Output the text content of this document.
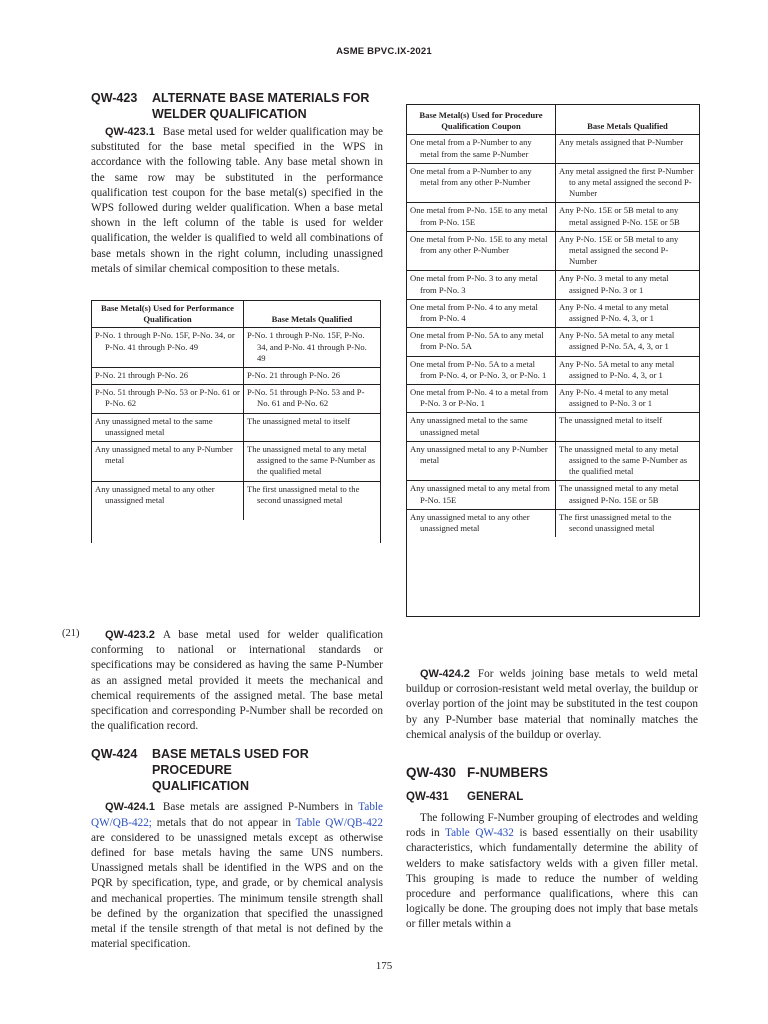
ASME BPVC.IX-2021
QW-423	ALTERNATE BASE MATERIALS FOR
WELDER QUALIFICATION

QW-423.1 Base metal used for welder qualification may be substituted for the base metal specified in the WPS in accordance with the following table. Any base metal shown in the same row may be substituted in the performance qualification test coupon for the base metal(s) specified in the WPS followed during welder qualification. When a base metal shown in the left column of the table is used for welder qualification, the welder is qualified to weld all combinations of base metals shown in the right column, including unassigned metals of similar chemical composition to these metals.

Base Metal(s) Used for Performance Qualification	Base Metals Qualified

P-No. 1 through P-No. 15F, P-No. 34, or P-No. 41 through P-No. 49	P-No. 1 through P-No. 15F, P-No. 34, and P-No. 41 through P-No. 49

P-No. 21 through P-No. 26	P-No. 21 through P-No. 26

P-No. 51 through P-No. 53 or P-No. 61 or P-No. 62	P-No. 51 through P-No. 53 and P-No. 61 and P-No. 62

Any unassigned metal to the same unassigned metal	The unassigned metal to itself

Any unassigned metal to any P-Number metal	The unassigned metal to any metal assigned to the same P-Number as the qualified metal

Any unassigned metal to any other unassigned metal	The first unassigned metal to the second unassigned metal
Base Metal(s) Used for Procedure Qualification Coupon	Base Metals Qualified

One metal from a P-Number to any metal from the same P-Number	Any metals assigned that P-Number

One metal from a P-Number to any metal from any other P-Number	Any metal assigned the first P-Number to any metal assigned the second P-Number

One metal from P-No. 15E to any metal from P-No. 15E	Any P-No. 15E or 5B metal to any metal assigned P-No. 15E or 5B

One metal from P-No. 15E to any metal from any other P-Number	Any P-No. 15E or 5B metal to any metal assigned the second P-Number

One metal from P-No. 3 to any metal from P-No. 3	Any P-No. 3 metal to any metal assigned P-No. 3 or 1

One metal from P-No. 4 to any metal from P-No. 4	Any P-No. 4 metal to any metal assigned P-No. 4, 3, or 1

One metal from P-No. 5A to any metal from P-No. 5A	Any P-No. 5A metal to any metal assigned P-No. 5A, 4, 3, or 1

One metal from P-No. 5A to a metal from P-No. 4, or P-No. 3, or P-No. 1	Any P-No. 5A metal to any metal assigned to P-No. 4, 3, or 1

One metal from P-No. 4 to a metal from P-No. 3 or P-No. 1	Any P-No. 4 metal to any metal assigned to P-No. 3 or 1

Any unassigned metal to the same unassigned metal	The unassigned metal to itself

Any unassigned metal to any P-Number metal	The unassigned metal to any metal assigned to the same P-Number as the qualified metal

Any unassigned metal to any metal from P-No. 15E	The unassigned metal to any metal assigned P-No. 15E or 5B

Any unassigned metal to any other unassigned metal	The first unassigned metal to the second unassigned metal
(21)	QW-423.2 A base metal used for welder qualification conforming to national or international standards or specifications may be considered as having the same P-Number as an assigned metal provided it meets the mechanical and chemical requirements of the assigned metal. The base metal specification and corresponding P-Number shall be recorded on the qualification record.

QW-424	BASE METALS USED FOR PROCEDURE
QUALIFICATION

QW-424.1 Base metals are assigned P-Numbers in Table QW/QB-422; metals that do not appear in Table QW/QB-422 are considered to be unassigned metals except as otherwise defined for base metals having the same UNS numbers. Unassigned metals shall be identified in the WPS and on the PQR by specification, type, and grade, or by chemical analysis and mechanical properties. The minimum tensile strength shall be defined by the organization that specified the unassigned metal if the tensile strength of that metal is not defined by the material specification.

QW-424.2 For welds joining base metals to weld metal buildup or corrosion-resistant weld metal overlay, the buildup or overlay portion of the joint may be substituted in the test coupon by any P-Number base material that nominally matches the chemical analysis of the buildup or overlay.

QW-430 F-NUMBERS
QW-431	GENERAL

The following F-Number grouping of electrodes and welding rods in Table QW-432 is based essentially on their usability characteristics, which fundamentally determine the ability of welders to make satisfactory welds with a given filler metal. This grouping is made to reduce the number of welding procedure and performance qualifications, where this can logically be done. The grouping does not imply that base metals or filler metals within a

175
